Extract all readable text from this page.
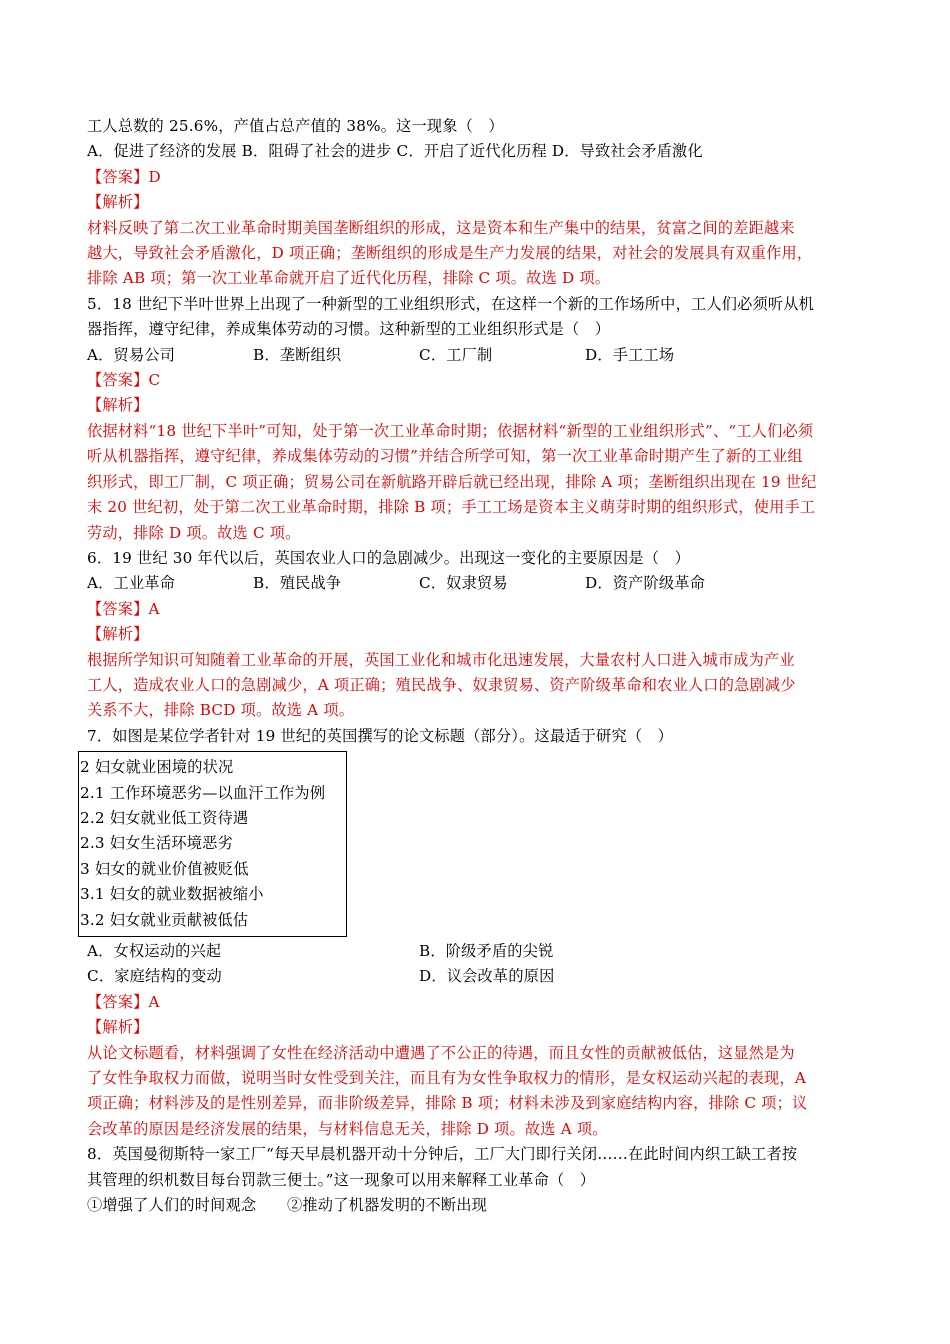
工人总数的 25.6%，产值占总产值的 38%。这一现象（　）
A．促进了经济的发展 B．阻碍了社会的进步 C．开启了近代化历程 D．导致社会矛盾激化
【答案】D
【解析】
材料反映了第二次工业革命时期美国垄断组织的形成，这是资本和生产集中的结果，贫富之间的差距越来
越大，导致社会矛盾激化，D 项正确；垄断组织的形成是生产力发展的结果，对社会的发展具有双重作用，
排除 AB 项；第一次工业革命就开启了近代化历程，排除 C 项。故选 D 项。
5．18 世纪下半叶世界上出现了一种新型的工业组织形式，在这样一个新的工作场所中，工人们必须听从机
器指挥，遵守纪律，养成集体劳动的习惯。这种新型的工业组织形式是（　）
A．贸易公司	B．垄断组织	C．工厂制	D．手工工场
【答案】C
【解析】
依据材料“18 世纪下半叶”可知，处于第一次工业革命时期；依据材料“新型的工业组织形式”、“工人们必须
听从机器指挥，遵守纪律，养成集体劳动的习惯”并结合所学可知，第一次工业革命时期产生了新的工业组
织形式，即工厂制，C 项正确；贸易公司在新航路开辟后就已经出现，排除 A 项；垄断组织出现在 19 世纪
末 20 世纪初，处于第二次工业革命时期，排除 B 项；手工工场是资本主义萌芽时期的组织形式，使用手工
劳动，排除 D 项。故选 C 项。
6．19 世纪 30 年代以后，英国农业人口的急剧减少。出现这一变化的主要原因是（　）
A．工业革命	B．殖民战争	C．奴隶贸易	D．资产阶级革命
【答案】A
【解析】
根据所学知识可知随着工业革命的开展，英国工业化和城市化迅速发展，大量农村人口进入城市成为产业
工人，造成农业人口的急剧减少，A 项正确；殖民战争、奴隶贸易、资产阶级革命和农业人口的急剧减少
关系不大，排除 BCD 项。故选 A 项。
7．如图是某位学者针对 19 世纪的英国撰写的论文标题（部分）。这最适于研究（　）
2 妇女就业困境的状况
2.1 工作环境恶劣—以血汗工作为例
2.2 妇女就业低工资待遇
2.3 妇女生活环境恶劣
3 妇女的就业价值被贬低
3.1 妇女的就业数据被缩小
3.2 妇女就业贡献被低估
A．女权运动的兴起	B．阶级矛盾的尖锐
C．家庭结构的变动	D．议会改革的原因
【答案】A
【解析】
从论文标题看，材料强调了女性在经济活动中遭遇了不公正的待遇，而且女性的贡献被低估，这显然是为
了女性争取权力而做，说明当时女性受到关注，而且有为女性争取权力的情形，是女权运动兴起的表现，A
项正确；材料涉及的是性别差异，而非阶级差异，排除 B 项；材料未涉及到家庭结构内容，排除 C 项；议
会改革的原因是经济发展的结果，与材料信息无关，排除 D 项。故选 A 项。
8．英国曼彻斯特一家工厂“每天早晨机器开动十分钟后，工厂大门即行关闭……在此时间内织工缺工者按
其管理的织机数目每台罚款三便士。”这一现象可以用来解释工业革命（　）
①增强了人们的时间观念　　②推动了机器发明的不断出现
